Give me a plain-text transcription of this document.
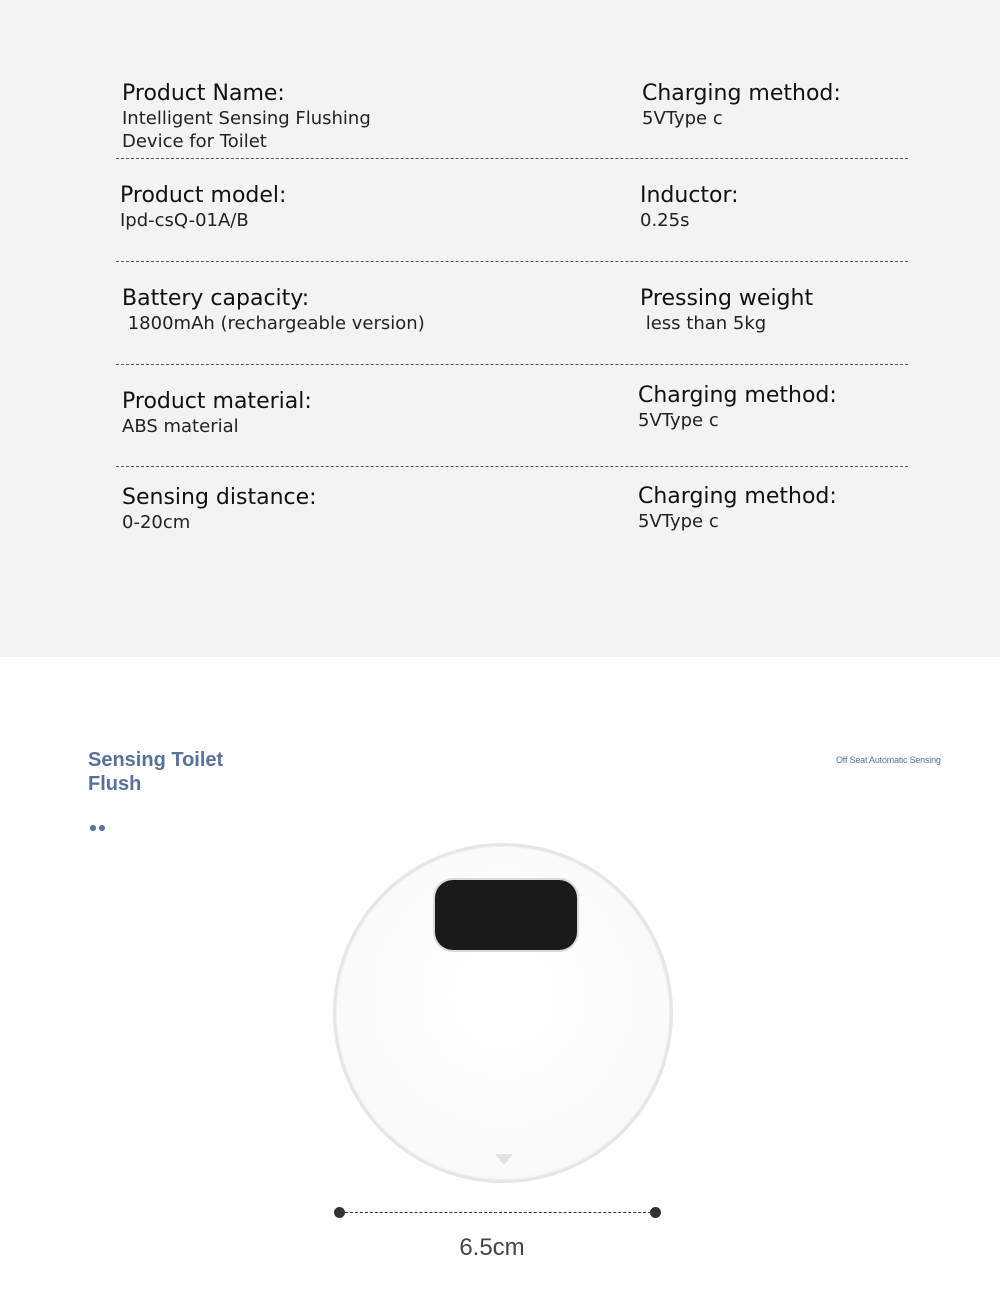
Product Name:
Intelligent Sensing Flushing
Device for Toilet
Charging method:
5VType c
Product model:
Ipd-csQ-01A/B
Inductor:
0.25s
Battery capacity:
1800mAh (rechargeable version)
Pressing weight
less than 5kg
Product material:
ABS material
Charging method:
5VType c
Sensing distance:
0-20cm
Charging method:
5VType c
Sensing Toilet Flush
Off Seat Automatic Sensing
6.5cm
